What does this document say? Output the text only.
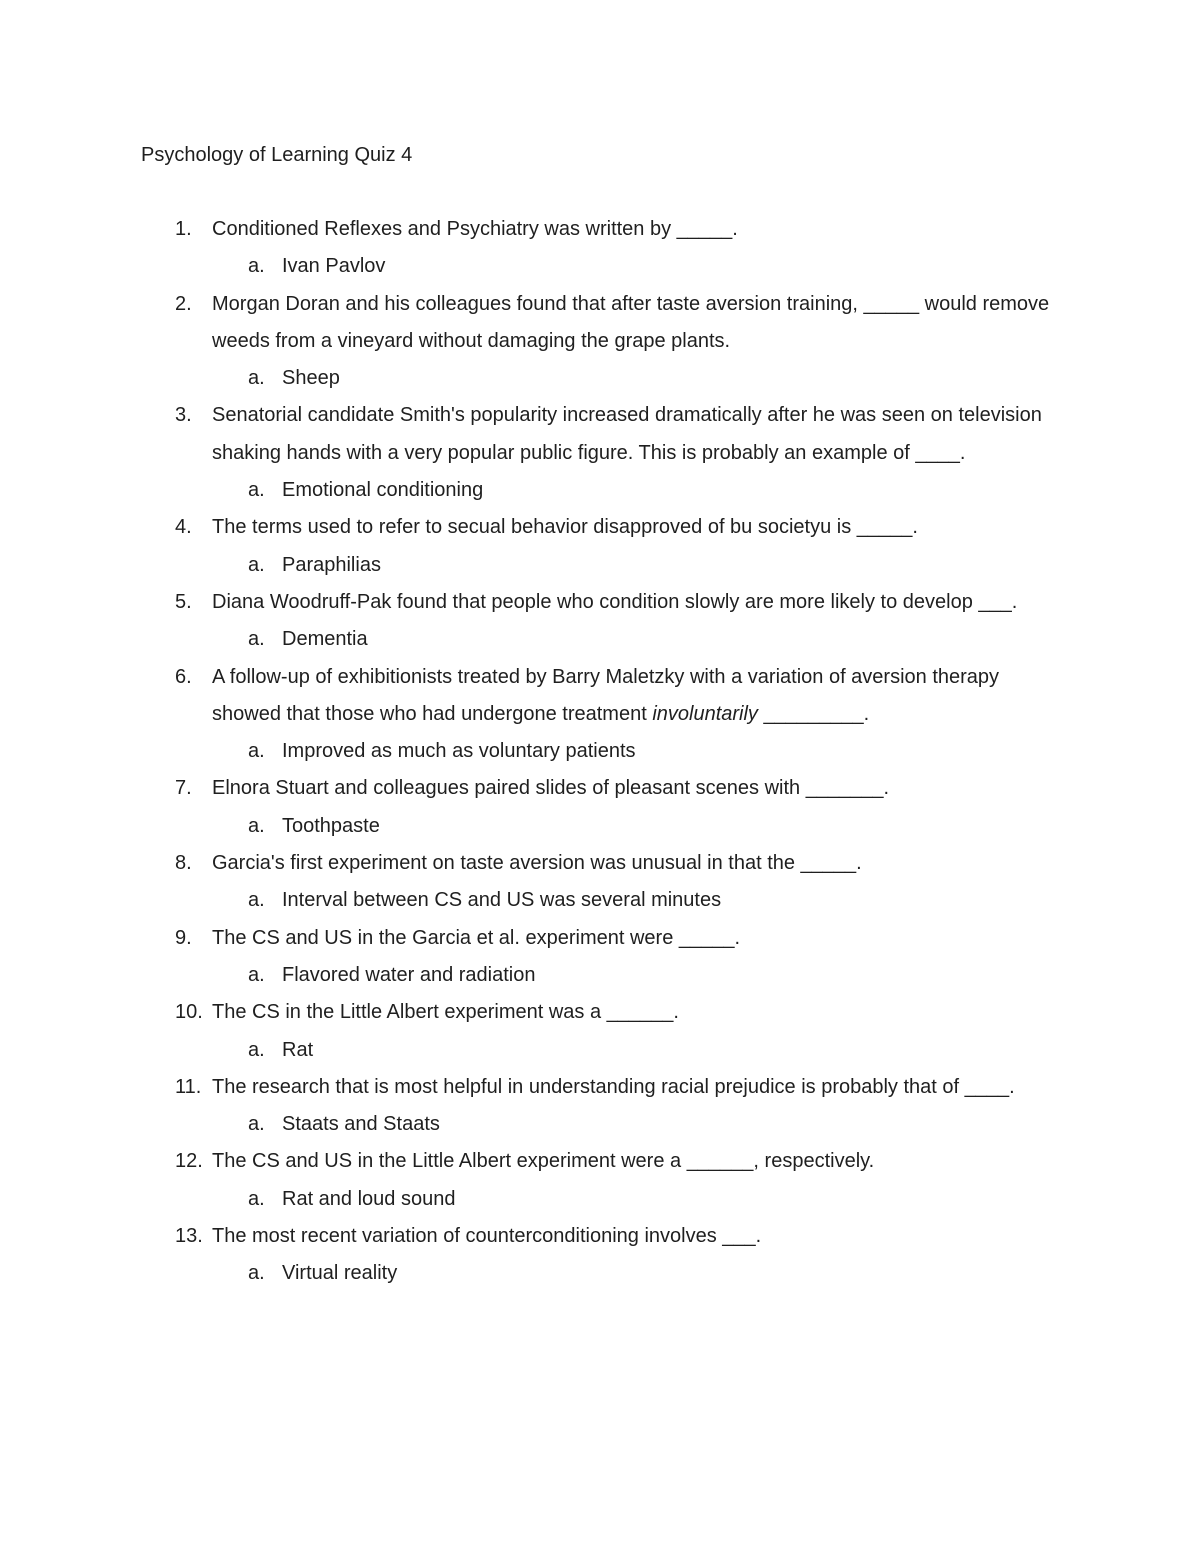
Psychology of Learning Quiz 4
1. Conditioned Reflexes and Psychiatry was written by _____.
a. Ivan Pavlov
2. Morgan Doran and his colleagues found that after taste aversion training, _____ would remove weeds from a vineyard without damaging the grape plants.
a. Sheep
3. Senatorial candidate Smith's popularity increased dramatically after he was seen on television shaking hands with a very popular public figure. This is probably an example of ____.
a. Emotional conditioning
4. The terms used to refer to secual behavior disapproved of bu societyu is _____.
a. Paraphilias
5. Diana Woodruff-Pak found that people who condition slowly are more likely to develop ___.
a. Dementia
6. A follow-up of exhibitionists treated by Barry Maletzky with a variation of aversion therapy showed that those who had undergone treatment involuntarily _________.
a. Improved as much as voluntary patients
7. Elnora Stuart and colleagues paired slides of pleasant scenes with _______.
a. Toothpaste
8. Garcia's first experiment on taste aversion was unusual in that the _____.
a. Interval between CS and US was several minutes
9. The CS and US in the Garcia et al. experiment were _____.
a. Flavored water and radiation
10. The CS in the Little Albert experiment was a ______.
a. Rat
11. The research that is most helpful in understanding racial prejudice is probably that of ____.
a. Staats and Staats
12. The CS and US in the Little Albert experiment were a ______, respectively.
a. Rat and loud sound
13. The most recent variation of counterconditioning involves ___.
a. Virtual reality
